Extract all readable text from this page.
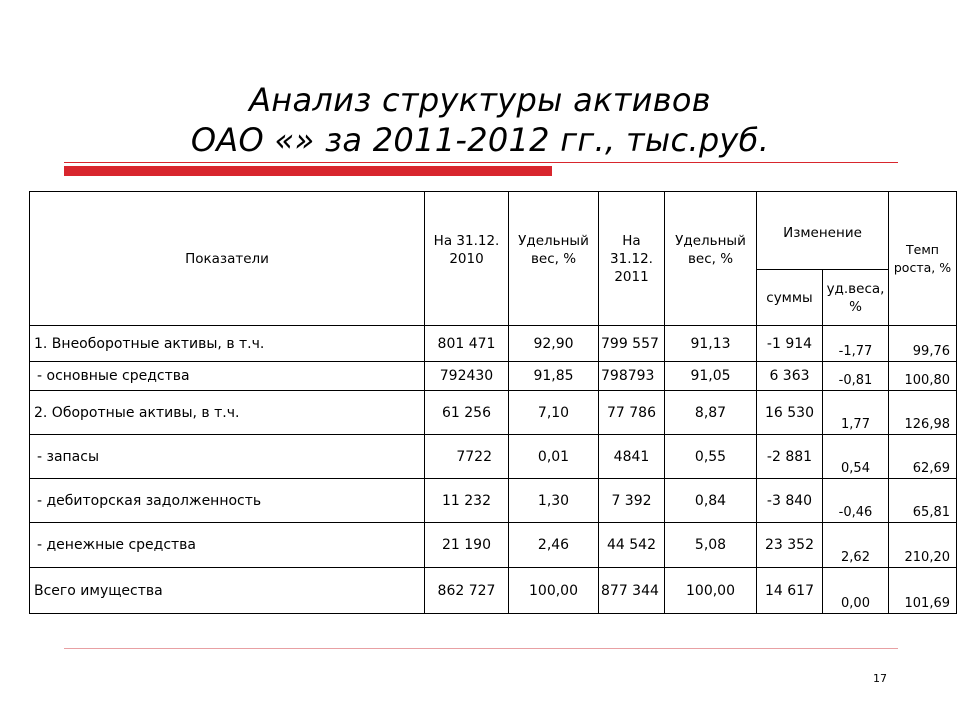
Анализ структуры активов
ОАО «» за 2011-2012 гг., тыс.руб.
Показатели	На 31.12. 2010	Удельный вес, %	На 31.12. 2011	Удельный вес, %	Изменение		Темп роста, %
					суммы	уд.веса, %	
1. Внеоборотные активы, в т.ч.	801 471	92,90	799 557	91,13	-1 914	-1,77	99,76
- основные средства	792430	91,85	798793	91,05	6 363	-0,81	100,80
2. Оборотные активы, в т.ч.	61 256	7,10	77 786	8,87	16 530	1,77	126,98
- запасы	7722	0,01	4841	0,55	-2 881	0,54	62,69
- дебиторская задолженность	11 232	1,30	7 392	0,84	-3 840	-0,46	65,81
- денежные средства	21 190	2,46	44 542	5,08	23 352	2,62	210,20
Всего имущества	862 727	100,00	877 344	100,00	14 617	0,00	101,69
17
